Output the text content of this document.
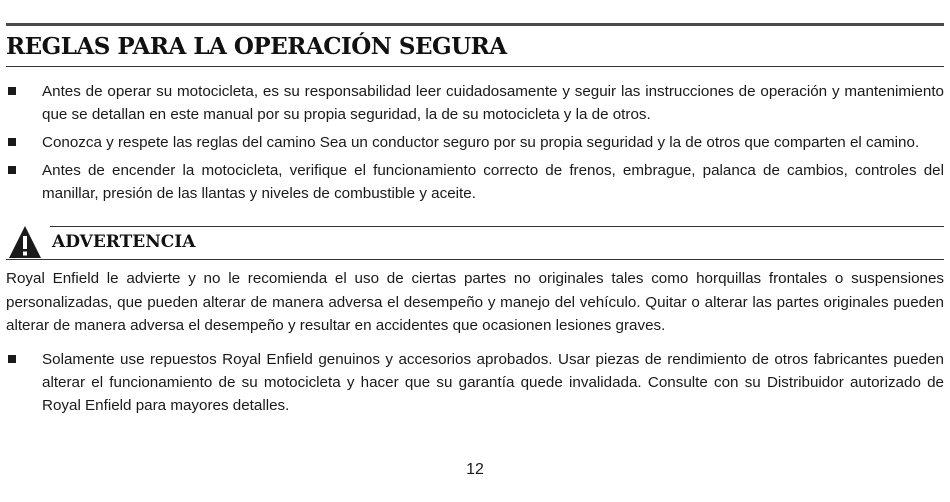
REGLAS PARA LA OPERACIÓN SEGURA
Antes de operar su motocicleta, es su responsabilidad leer cuidadosamente y seguir las instrucciones de operación y mantenimiento que se detallan en este manual por su propia seguridad, la de su motocicleta y la de otros.
Conozca y respete las reglas del camino Sea un conductor seguro por su propia seguridad y la de otros que comparten el camino.
Antes de encender la motocicleta, verifique el funcionamiento correcto de frenos, embrague, palanca de cambios, controles del manillar, presión de las llantas y niveles de combustible y aceite.
ADVERTENCIA

Royal Enfield le advierte y no le recomienda el uso de ciertas partes no originales tales como horquillas frontales o suspensiones personalizadas, que pueden alterar de manera adversa el desempeño y manejo del vehículo. Quitar o alterar las partes originales pueden alterar de manera adversa el desempeño y resultar en accidentes que ocasionen lesiones graves.

Solamente use repuestos Royal Enfield genuinos y accesorios aprobados. Usar piezas de rendimiento de otros fabricantes pueden alterar el funcionamiento de su motocicleta y hacer que su garantía quede invalidada. Consulte con su Distribuidor autorizado de Royal Enfield para mayores detalles.
12
